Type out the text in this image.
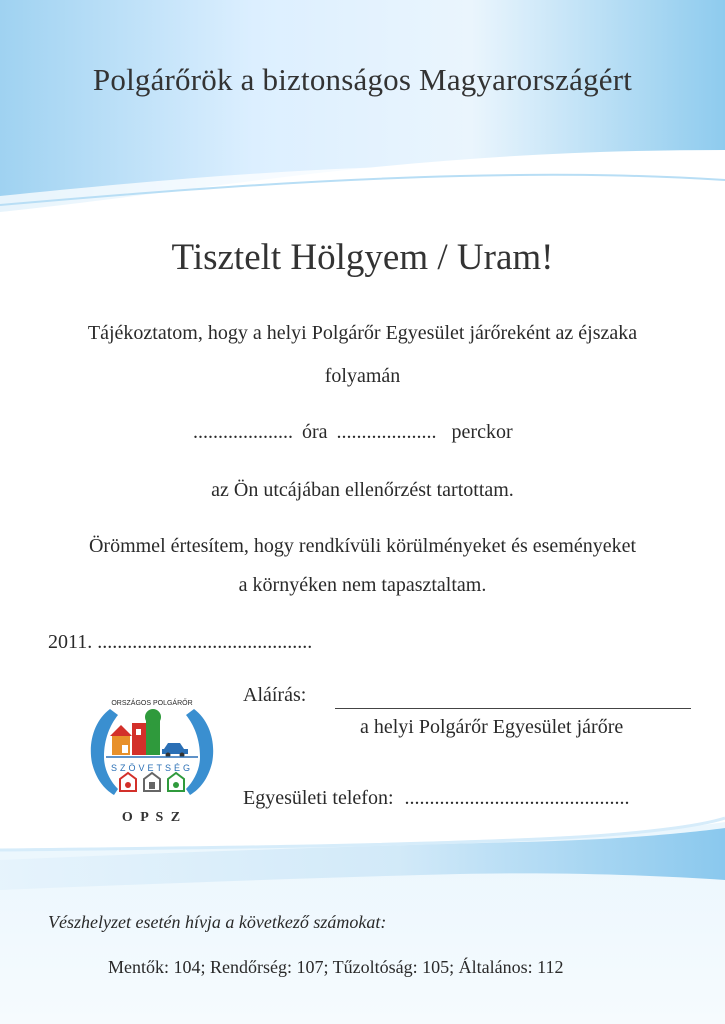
Polgárőrök a biztonságos Magyarországért
Tisztelt Hölgyem / Uram!
Tájékoztatom, hogy a helyi Polgárőr Egyesület járőreként az éjszaka
folyamán
.................... óra .................... perckor
az Ön utcájában ellenőrzést tartottam.
Örömmel értesítem, hogy rendkívüli körülményeket és eseményeket
a környéken nem tapasztaltam.
2011. ...........................................
ORSZÁGOS POLGÁRŐR
SZÖVETSÉG
O P S Z
Aláírás:
a helyi Polgárőr Egyesület járőre
Egyesületi telefon: .............................................
Vészhelyzet esetén hívja a következő számokat:
Mentők: 104; Rendőrség: 107; Tűzoltóság: 105; Általános: 112
